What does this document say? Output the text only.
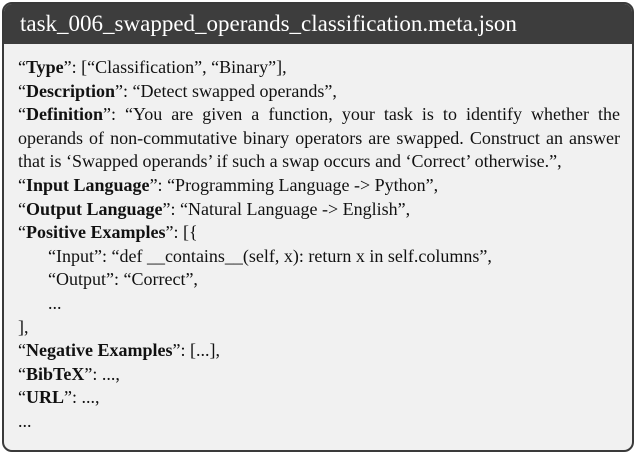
task_006_swapped_operands_classification.meta.json
“Type”: [“Classification”, “Binary”],
“Description”: “Detect swapped operands”,
“Definition”: “You are given a function, your task is to identify whether the operands of non-commutative binary operators are swapped. Construct an answer that is ‘Swapped operands’ if such a swap occurs and ‘Correct’ otherwise.”,
“Input Language”: “Programming Language -> Python”,
“Output Language”: “Natural Language -> English”,
“Positive Examples”: [{
“Input”: “def __contains__(self, x): return x in self.columns”,
“Output”: “Correct”,
...
],
“Negative Examples”: [...],
“BibTeX”: ...,
“URL”: ...,
...
